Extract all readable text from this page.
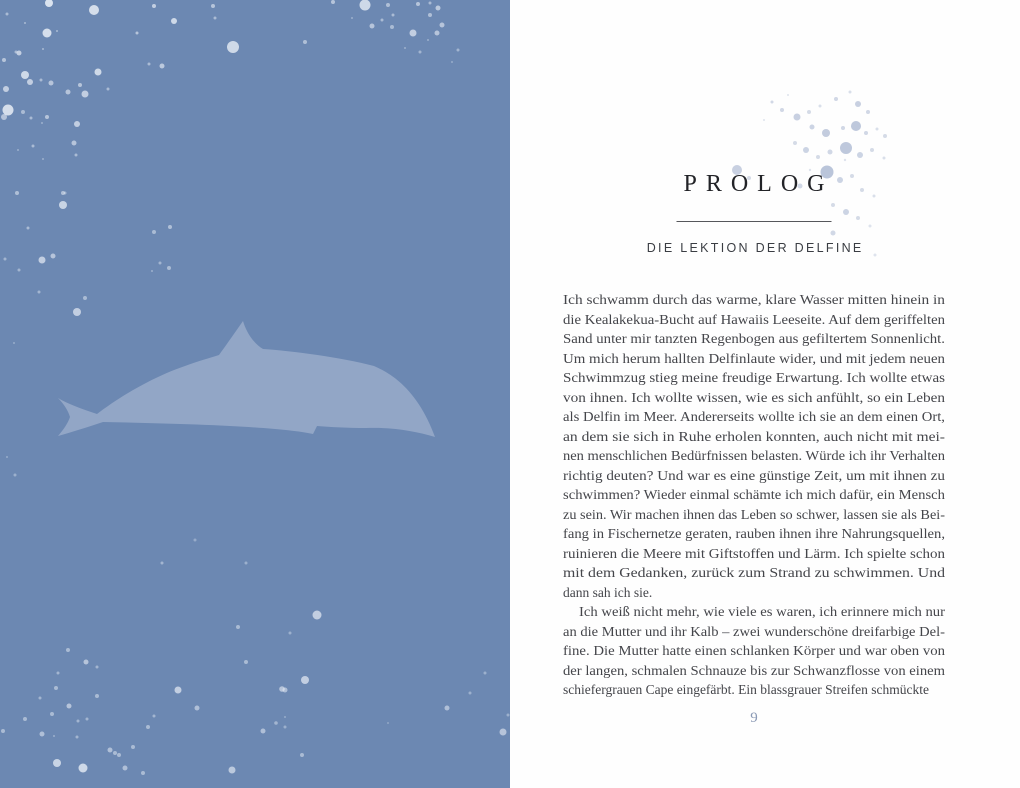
PROLOG
DIE LEKTION DER DELFINE
Ich schwamm durch das warme, klare Wasser mitten hinein in
die Kealakekua-Bucht auf Hawaiis Leeseite. Auf dem geriffelten
Sand unter mir tanzten Regenbogen aus gefiltertem Sonnenlicht.
Um mich herum hallten Delfinlaute wider, und mit jedem neuen
Schwimmzug stieg meine freudige Erwartung. Ich wollte etwas
von ihnen. Ich wollte wissen, wie es sich anfühlt, so ein Leben
als Delfin im Meer. Andererseits wollte ich sie an dem einen Ort,
an dem sie sich in Ruhe erholen konnten, auch nicht mit mei-
nen menschlichen Bedürfnissen belasten. Würde ich ihr Verhalten
richtig deuten? Und war es eine günstige Zeit, um mit ihnen zu
schwimmen? Wieder einmal schämte ich mich dafür, ein Mensch
zu sein. Wir machen ihnen das Leben so schwer, lassen sie als Bei-
fang in Fischernetze geraten, rauben ihnen ihre Nahrungsquellen,
ruinieren die Meere mit Giftstoffen und Lärm. Ich spielte schon
mit dem Gedanken, zurück zum Strand zu schwimmen. Und
dann sah ich sie.
Ich weiß nicht mehr, wie viele es waren, ich erinnere mich nur
an die Mutter und ihr Kalb – zwei wunderschöne dreifarbige Del-
fine. Die Mutter hatte einen schlanken Körper und war oben von
der langen, schmalen Schnauze bis zur Schwanzflosse von einem
schiefergrauen Cape eingefärbt. Ein blassgrauer Streifen schmückte
9
